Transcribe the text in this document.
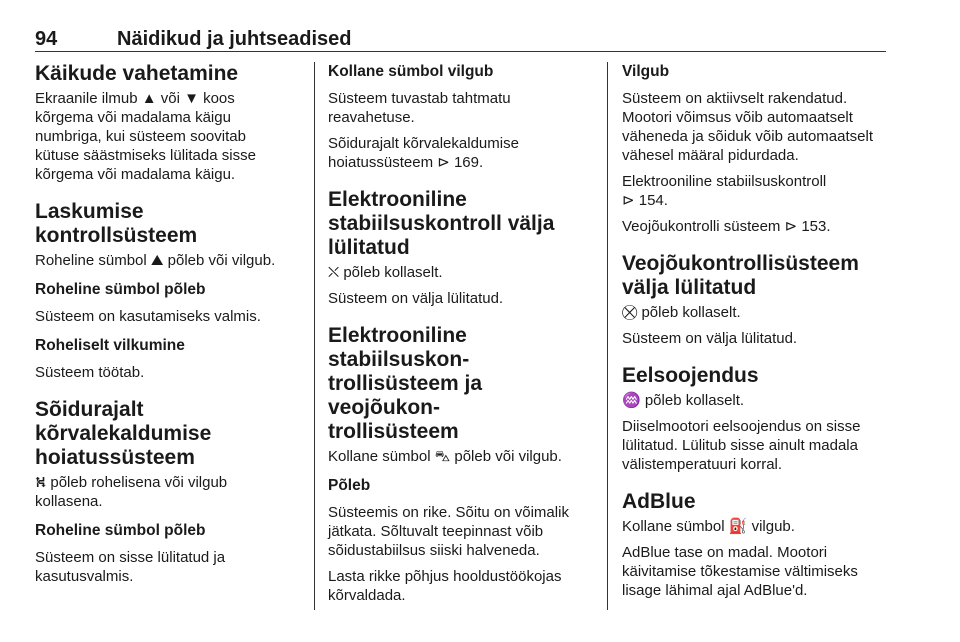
94	Näidikud ja juhtseadised
Käikude vahetamine

Ekraanile ilmub ▲ või ▼ koos
kõrgema või madalama käigu
numbriga, kui süsteem soovitab
kütuse säästmiseks lülitada sisse
kõrgema või madalama käigu.

Laskumise kontrollsüsteem

Roheline sümbol ⛰ põleb või vilgub.

Roheline sümbol põleb

Süsteem on kasutamiseks valmis.

Roheliselt vilkumine

Süsteem töötab.

Sõidurajalt
kõrvalekaldumise
hoiatussüsteem

⛕ põleb rohelisena või vilgub
kollasena.

Roheline sümbol põleb

Süsteem on sisse lülitatud ja
kasutusvalmis.

Kollane sümbol vilgub

Süsteem tuvastab tahtmatu
reavahetuse.

Sõidurajalt kõrvalekaldumise
hoiatussüsteem ⊳ 169.

Elektrooniline
stabiilsuskontroll välja
lülitatud

⛌ põleb kollaselt.

Süsteem on välja lülitatud.

Elektrooniline stabiilsuskon-
trollisüsteem ja veojõukon-
trollisüsteem

Kollane sümbol ⛍ põleb või vilgub.

Põleb

Süsteemis on rike. Sõitu on võimalik
jätkata. Sõltuvalt teepinnast võib
sõidustabiilsus siiski halveneda.

Lasta rikke põhjus hooldustöökojas
kõrvaldada.

Vilgub

Süsteem on aktiivselt rakendatud.
Mootori võimsus võib automaatselt
väheneda ja sõiduk võib automaatselt
vähesel määral pidurdada.

Elektrooniline stabiilsuskontroll
⊳ 154.

Veojõukontrolli süsteem ⊳ 153.

Veojõukontrollisüsteem
välja lülitatud

⛒ põleb kollaselt.

Süsteem on välja lülitatud.

Eelsoojendus

♒ põleb kollaselt.

Diiselmootori eelsoojendus on sisse
lülitatud. Lülitub sisse ainult madala
välistemperatuuri korral.

AdBlue

Kollane sümbol ⛽ vilgub.

AdBlue tase on madal. Mootori
käivitamise tõkestamise vältimiseks
lisage lähimal ajal AdBlue'd.
